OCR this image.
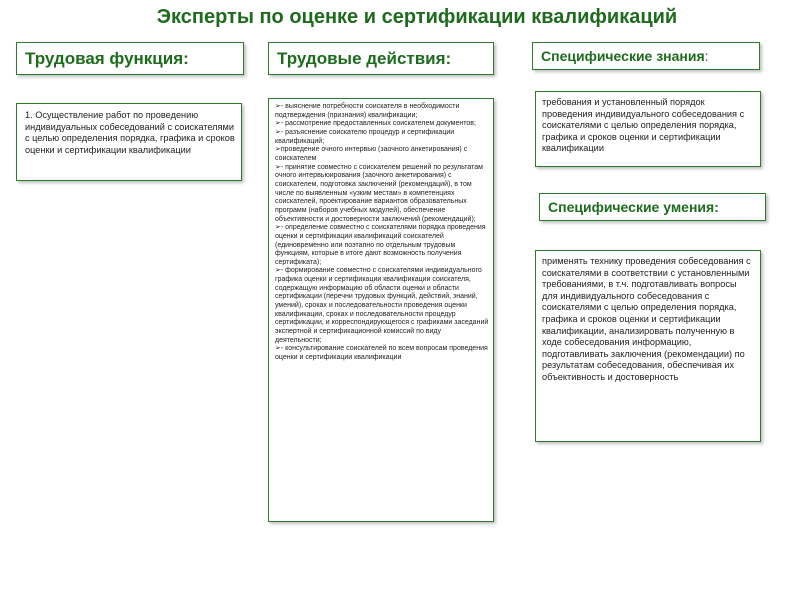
Эксперты по оценке и сертификации квалификаций
Трудовая функция:	Трудовые действия:	Специфические знания :
Специфические умения:
1. Осуществление работ по проведению индивидуальных собеседований с соискателями с целью определения порядка, графика и сроков оценки и сертификации квалификации

➢- выяснение потребности соискателя в необходимости подтверждения (признания) квалификации;

➢- рассмотрение предоставленных соискателем документов;

➢- разъяснение соискателю процедур и сертификации квалификаций;

➢проведение очного интервью (заочного анкетирования) с соискателем

➢- принятие совместно с соискателем решений по результатам очного интервьюирования (заочного анкетирования) с соискателем, подготовка заключений (рекомендаций), в том числе по выявленным «узким местам» в компетенциях соискателей, проектирование вариантов образовательных программ (наборов учебных модулей), обеспечение объективности и достоверности заключений (рекомендаций);

➢- определение совместно с соискателями порядка проведения оценки и сертификации квалификаций соискателей (единовременно или поэтапно по отдельным трудовым функциям, которые в итоге дают возможность получения сертификата);

➢- формирование совместно с соискателями индивидуального графика оценки и сертификации квалификации соискателя, содержащую информацию об области оценки и области сертификации (перечни трудовых функций, действий, знаний, умений), сроках и последовательности проведения оценки квалификации, сроках и последовательности процедур сертификации, и корреспондирующегося с графиками заседаний экспертной и сертификационной комиссий по виду деятельности;

➢- консультирование соискателей по всем вопросам проведения оценки и сертификации квалификации

требования и установленный порядок проведения индивидуального собеседования с соискателями с целью определения порядка, графика и сроков оценки и сертификации квалификации
применять технику проведения собеседования с соискателями в соответствии с установленными требованиями, в т.ч. подготавливать вопросы для индивидуального собеседования с соискателями с целью определения порядка, графика и сроков оценки и сертификации квалификации, анализировать полученную в ходе собеседования информацию, подготавливать заключения (рекомендации) по результатам собеседования, обеспечивая их объективность и достоверность
